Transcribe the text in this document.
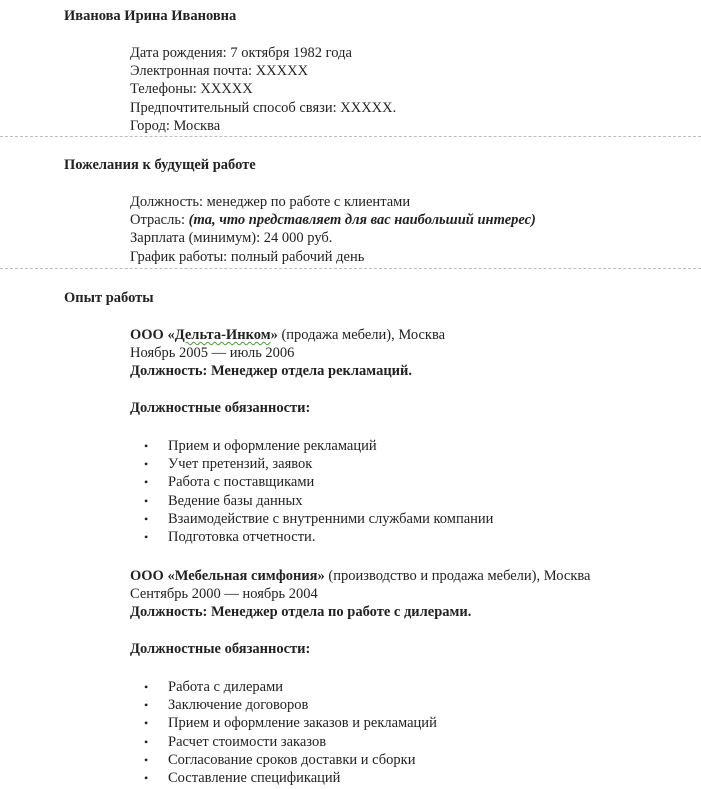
Иванова Ирина Ивановна
Дата рождения: 7 октября 1982 года
Электронная почта: XXXXX
Телефоны: XXXXX
Предпочтительный способ связи: XXXXX.
Город: Москва
Пожелания к будущей работе
Должность: менеджер по работе с клиентами
Отрасль: (та, что представляет для вас наибольший интерес)
Зарплата (минимум): 24 000 руб.
График работы: полный рабочий день
Опыт работы
ООО «Дельта-Инком» (продажа мебели), Москва
Ноябрь 2005 — июль 2006
Должность: Менеджер отдела рекламаций.
Должностные обязанности:
• Прием и оформление рекламаций
• Учет претензий, заявок
• Работа с поставщиками
• Ведение базы данных
• Взаимодействие с внутренними службами компании
• Подготовка отчетности.
ООО «Мебельная симфония» (производство и продажа мебели), Москва
Сентябрь 2000 — ноябрь 2004
Должность: Менеджер отдела по работе с дилерами.
Должностные обязанности:
• Работа с дилерами
• Заключение договоров
• Прием и оформление заказов и рекламаций
• Расчет стоимости заказов
• Согласование сроков доставки и сборки
• Составление спецификаций
